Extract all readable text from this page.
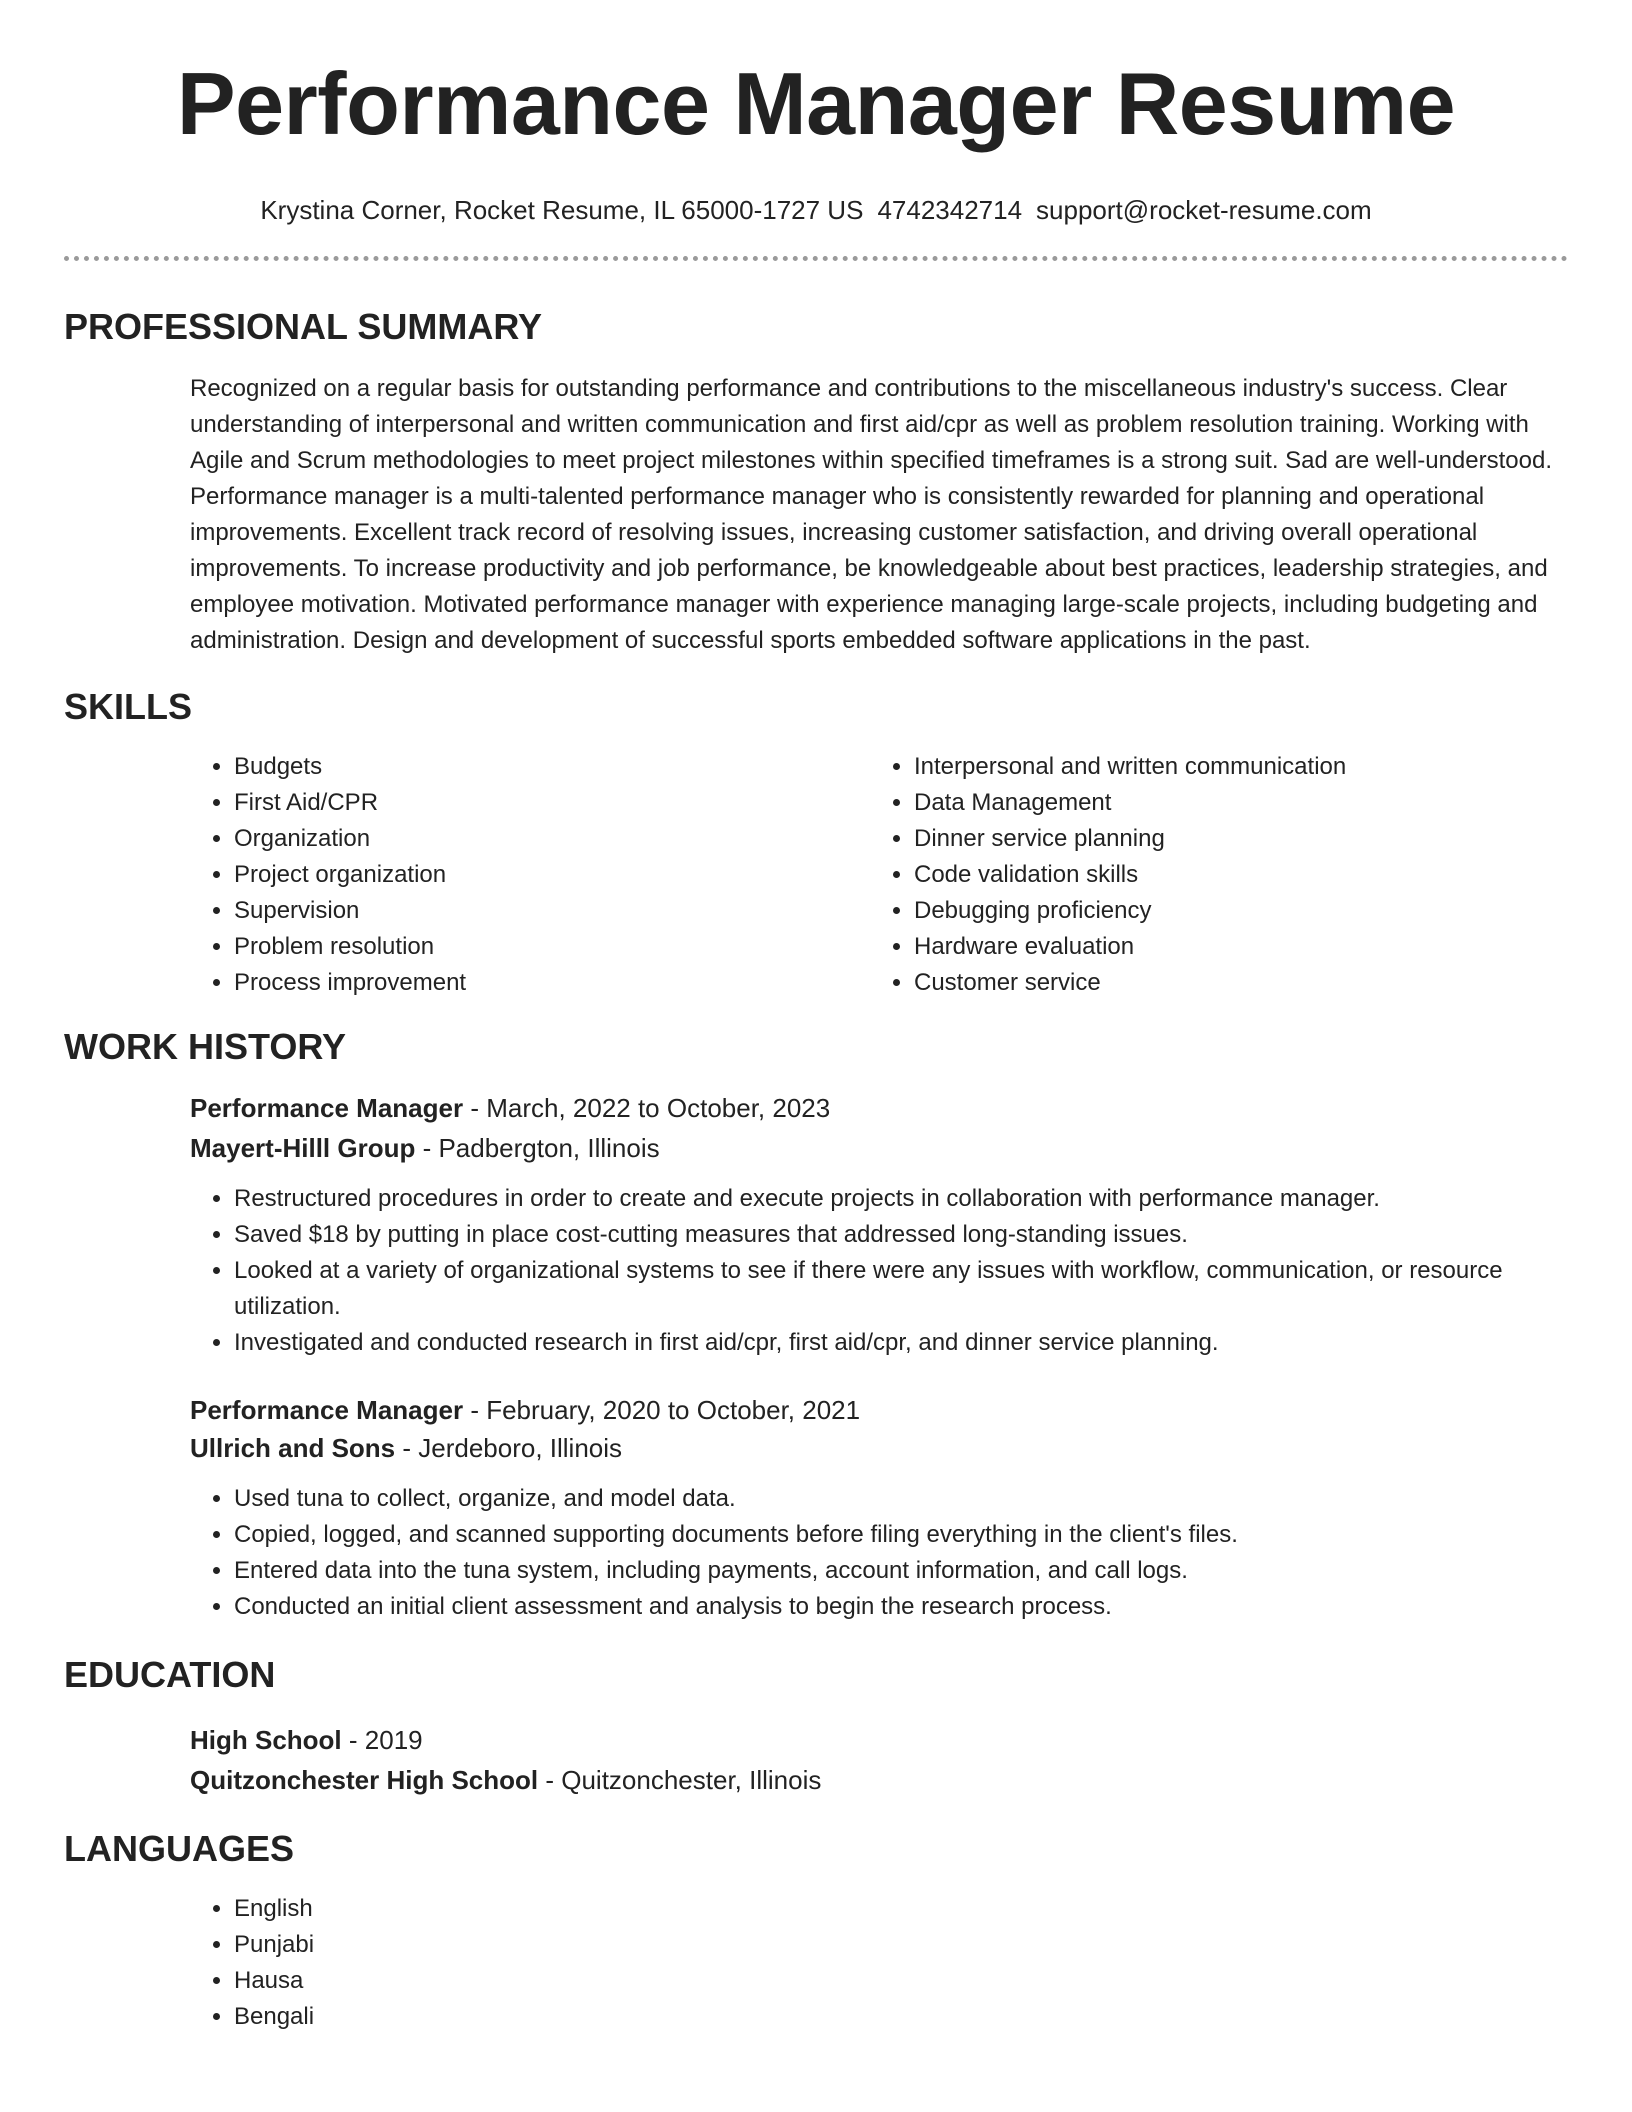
Performance Manager Resume
Krystina Corner, Rocket Resume, IL 65000-1727 US 4742342714 support@rocket-resume.com
PROFESSIONAL SUMMARY

Recognized on a regular basis for outstanding performance and contributions to the miscellaneous industry's success. Clear understanding of interpersonal and written communication and first aid/cpr as well as problem resolution training. Working with Agile and Scrum methodologies to meet project milestones within specified timeframes is a strong suit. Sad are well-understood. Performance manager is a multi-talented performance manager who is consistently rewarded for planning and operational improvements. Excellent track record of resolving issues, increasing customer satisfaction, and driving overall operational improvements. To increase productivity and job performance, be knowledgeable about best practices, leadership strategies, and employee motivation. Motivated performance manager with experience managing large-scale projects, including budgeting and administration. Design and development of successful sports embedded software applications in the past.

SKILLS
• Budgets
• First Aid/CPR
• Organization
• Project organization
• Supervision
• Problem resolution
• Process improvement
• Interpersonal and written communication
• Data Management
• Dinner service planning
• Code validation skills
• Debugging proficiency
• Hardware evaluation
• Customer service
WORK HISTORY
Performance Manager - March, 2022 to October, 2023
Mayert-Hilll Group - Padbergton, Illinois
• Restructured procedures in order to create and execute projects in collaboration with performance manager.
• Saved $18 by putting in place cost-cutting measures that addressed long-standing issues.
• Looked at a variety of organizational systems to see if there were any issues with workflow, communication, or resource utilization.
• Investigated and conducted research in first aid/cpr, first aid/cpr, and dinner service planning.
Performance Manager - February, 2020 to October, 2021
Ullrich and Sons - Jerdeboro, Illinois
• Used tuna to collect, organize, and model data.
• Copied, logged, and scanned supporting documents before filing everything in the client's files.
• Entered data into the tuna system, including payments, account information, and call logs.
• Conducted an initial client assessment and analysis to begin the research process.
EDUCATION
High School - 2019
Quitzonchester High School - Quitzonchester, Illinois
LANGUAGES
• English
• Punjabi
• Hausa
• Bengali
